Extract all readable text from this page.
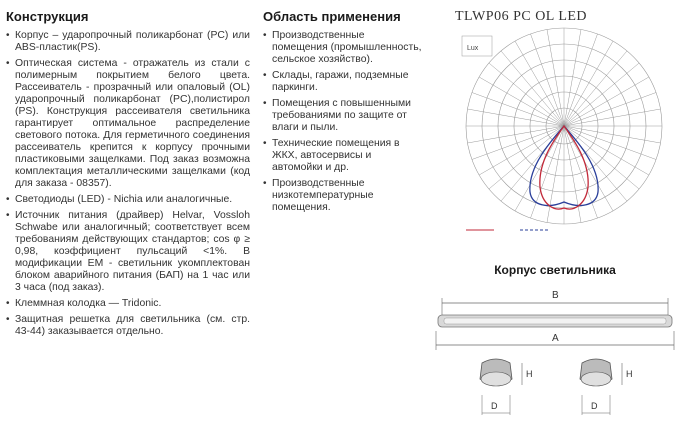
Конструкция
• Корпус – ударопрочный поликарбонат (PC) или ABS-пластик(PS).
• Оптическая система - отражатель из стали с полимерным покрытием белого цвета. Рассеиватель - прозрачный или опаловый (OL) ударопрочный поликарбонат (PC),полистирол (PS). Конструкция рассеивателя светильника гарантирует оптимальное распределение светового потока. Для герметичного соединения рассеиватель крепится к корпусу прочными пластиковыми защелками. Под заказ возможна комплектация металлическими защелками (код для заказа - 08357).
• Светодиоды (LED) - Nichia или аналогичные.
• Источник питания (драйвер) Helvar, Vossloh Schwabe или аналогичный; соответствует всем требованиям действующих стандартов; cos φ ≥ 0,98, коэффициент пульсаций <1%. В модификации EM - светильник укомплектован блоком аварийного питания (БАП) на 1 час или 3 часа (под заказ).
• Клеммная колодка — Tridonic.
• Защитная решетка для светильника (см. стр. 43-44) заказывается отдельно.
Область применения
• Производственные помещения (промышленность, сельское хозяйство).
• Склады, гаражи, подземные паркинги.
• Помещения с повышенными требованиями по защите от влаги и пыли.
• Технические помещения в ЖКХ, автосервисы и автомойки и др.
• Производственные низкотемпературные помещения.
Lux
TLWP06 PC OL LED
Корпус светильника
B
A
H
D
H
D
